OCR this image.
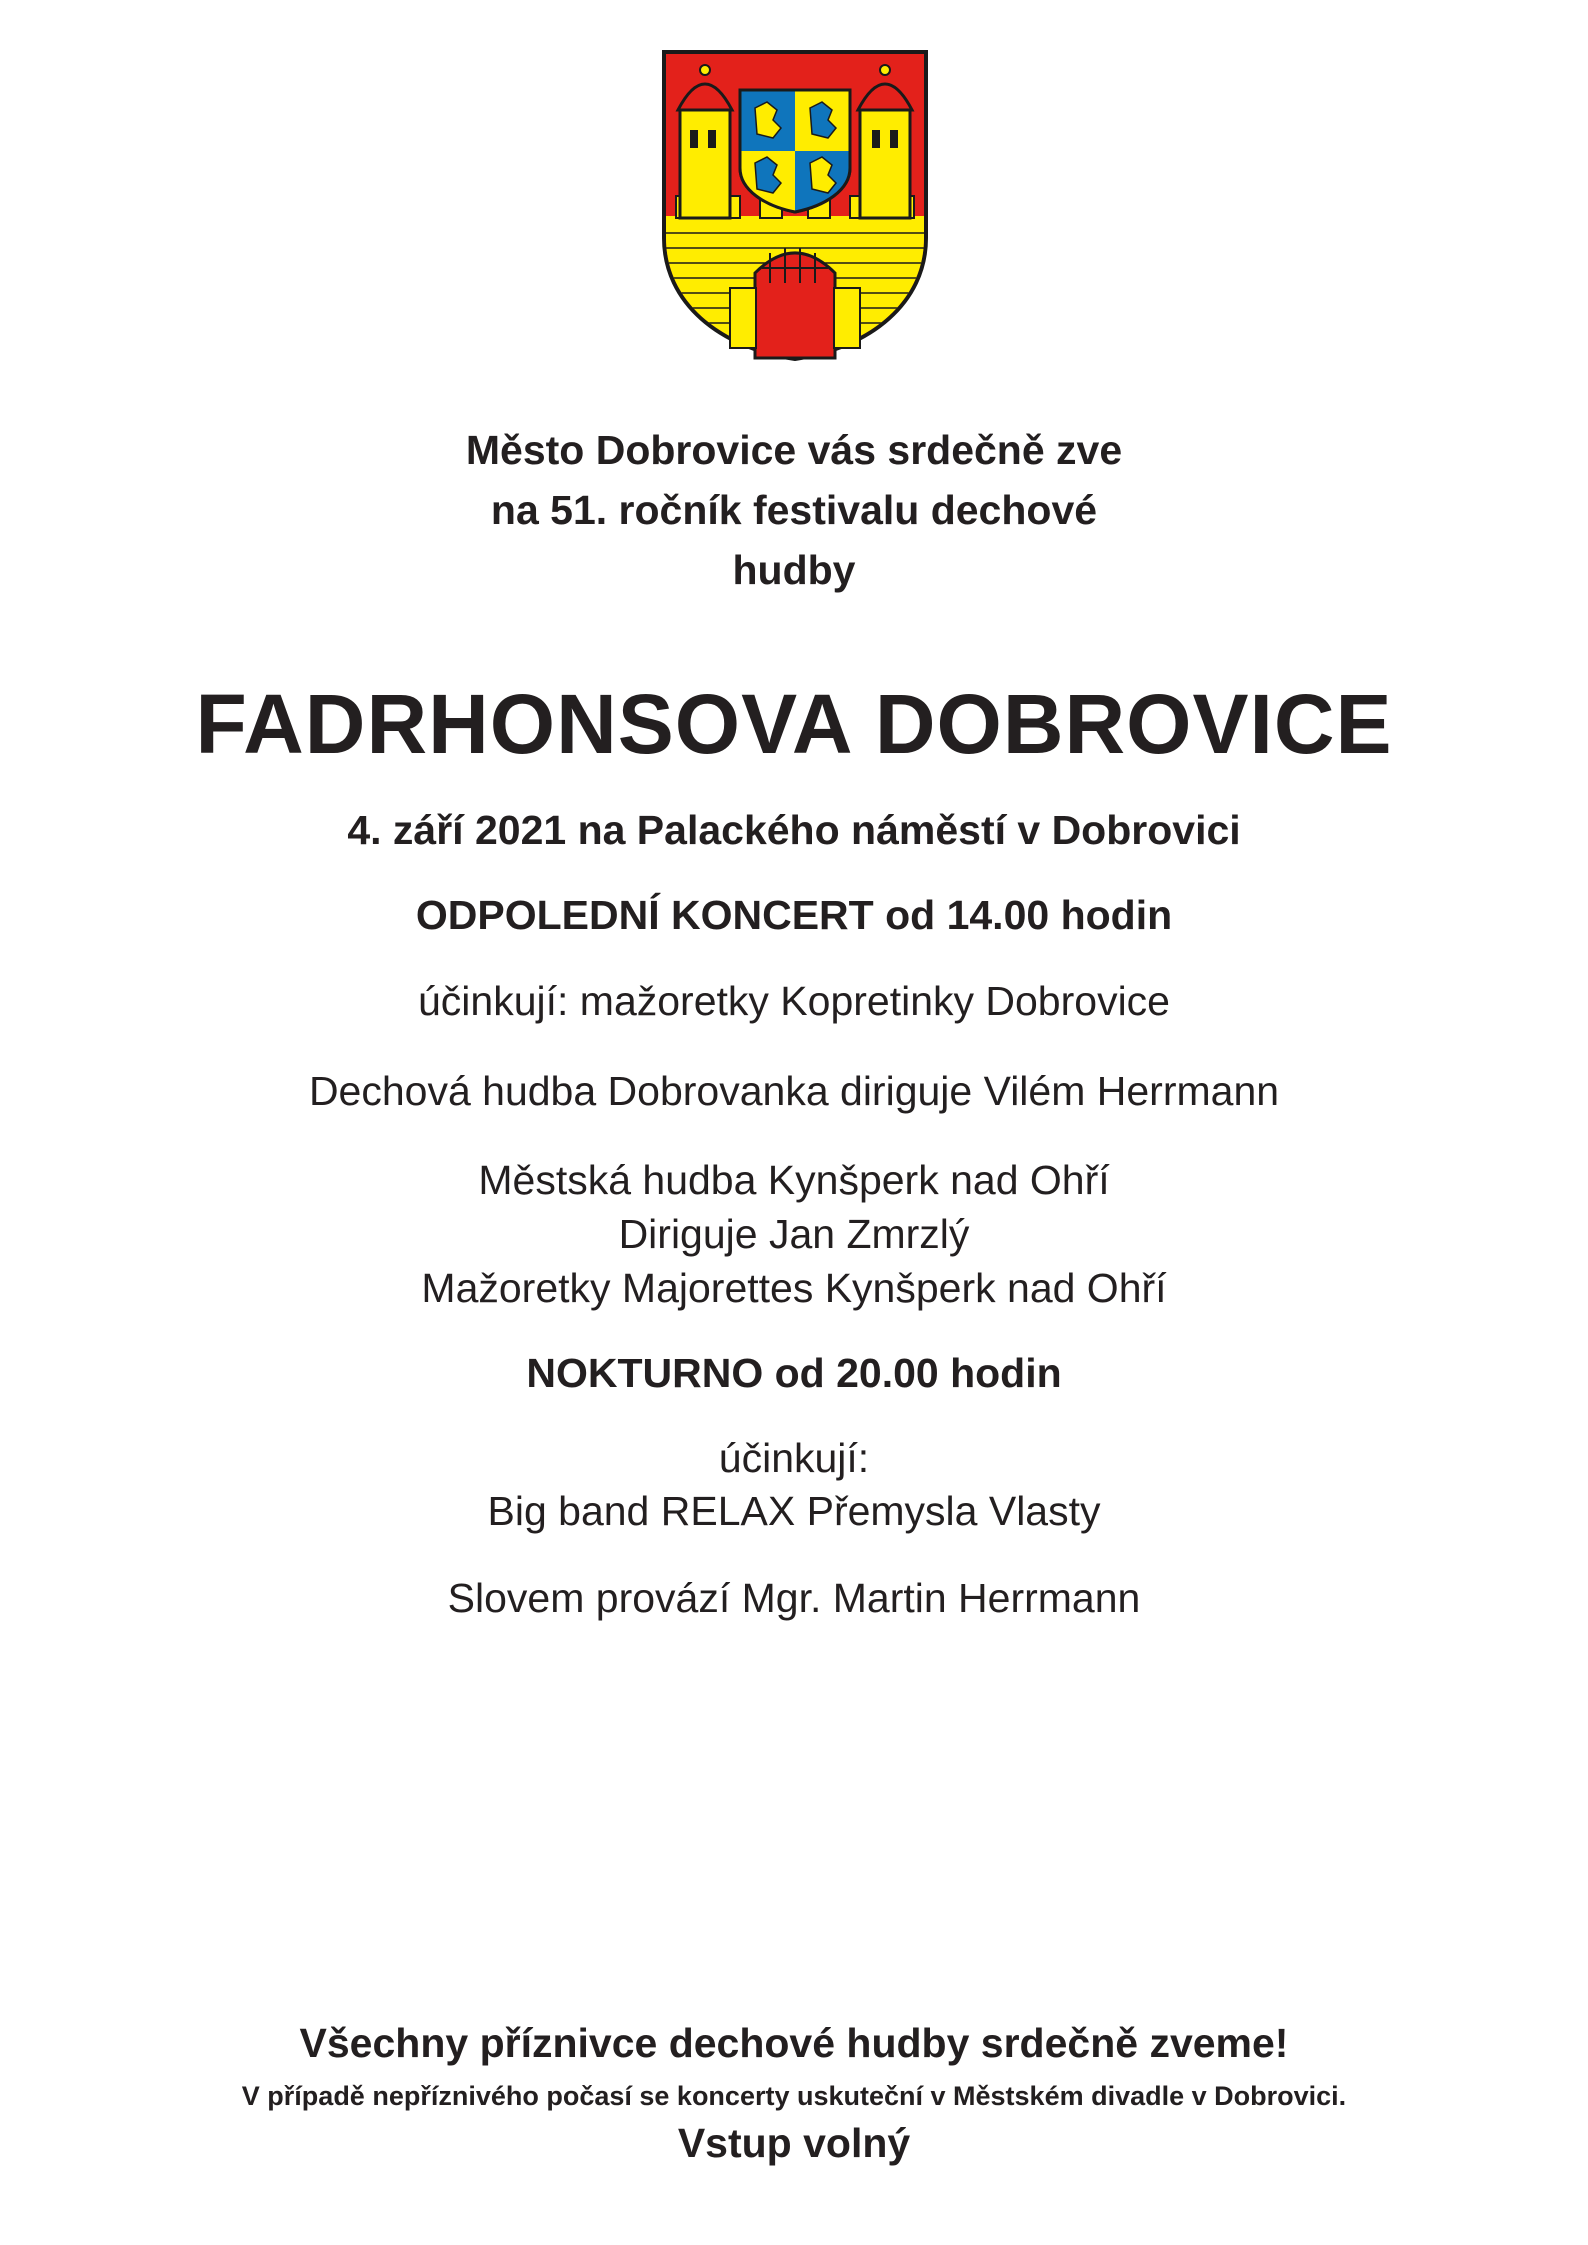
Město Dobrovice vás srdečně zve
na 51. ročník festivalu dechové
hudby
FADRHONSOVA DOBROVICE
4. září 2021 na Palackého náměstí v Dobrovici
ODPOLEDNÍ KONCERT od 14.00 hodin
účinkují: mažoretky Kopretinky Dobrovice
Dechová hudba Dobrovanka diriguje Vilém Herrmann
Městská hudba Kynšperk nad Ohří
Diriguje Jan Zmrzlý
Mažoretky Majorettes Kynšperk nad Ohří
NOKTURNO od 20.00 hodin
účinkují:
Big band RELAX Přemysla Vlasty
Slovem provází Mgr. Martin Herrmann
Všechny příznivce dechové hudby srdečně zveme!
V případě nepříznivého počasí se koncerty uskuteční v Městském divadle v Dobrovici.
Vstup volný
